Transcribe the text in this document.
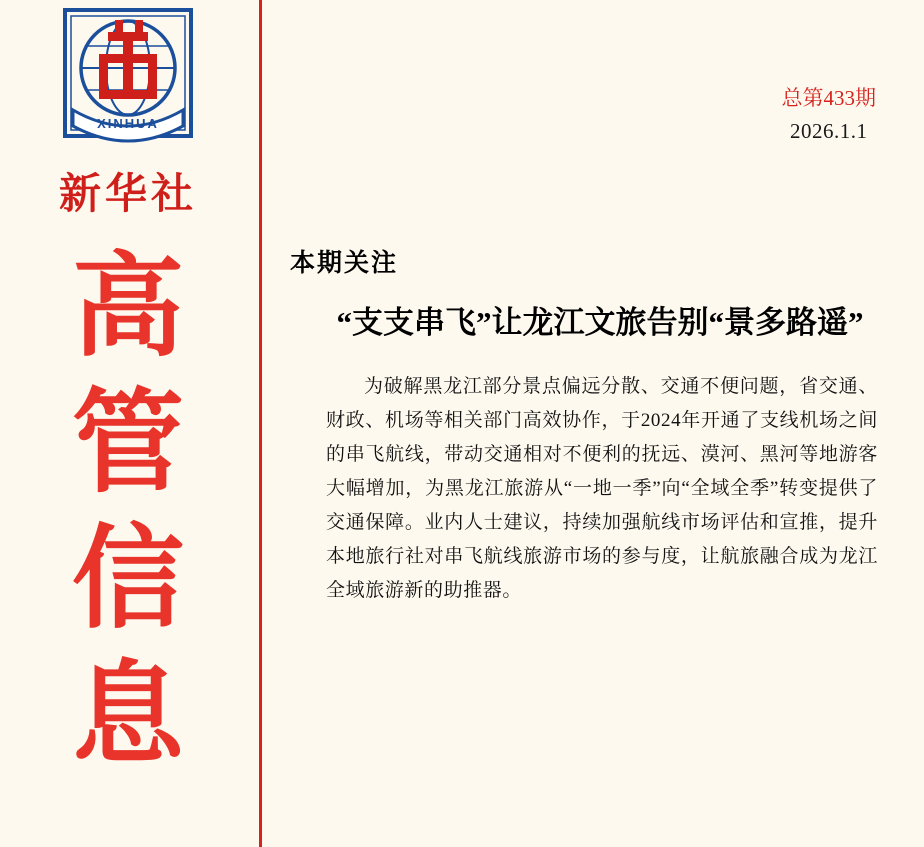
XINHUA
新华社
高
管
信
息
总第433期
2026.1.1
本期关注
“支支串飞”让龙江文旅告别“景多路遥”
为破解黑龙江部分景点偏远分散、交通不便问题，省交通、财政、机场等相关部门高效协作，于2024年开通了支线机场之间的串飞航线，带动交通相对不便利的抚远、漠河、黑河等地游客大幅增加，为黑龙江旅游从“一地一季”向“全域全季”转变提供了交通保障。业内人士建议，持续加强航线市场评估和宣推，提升本地旅行社对串飞航线旅游市场的参与度，让航旅融合成为龙江全域旅游新的助推器。
